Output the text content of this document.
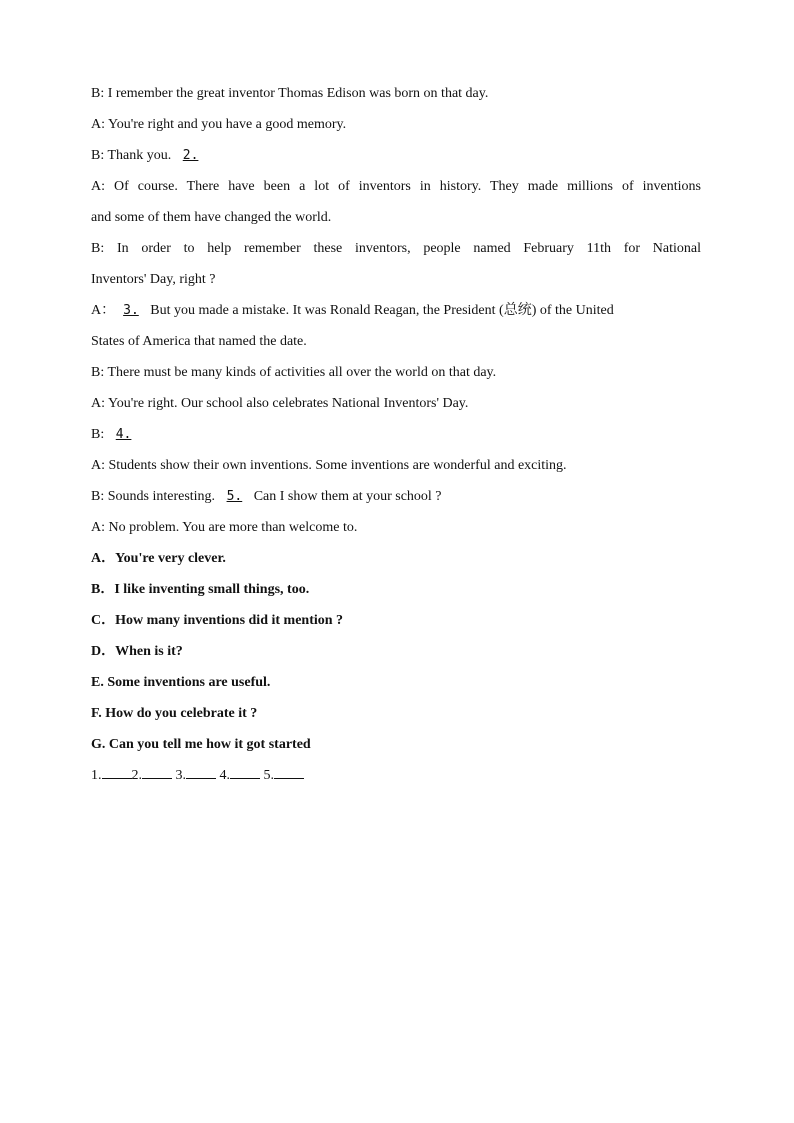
B: I remember the great inventor Thomas Edison was born on that day.
A: You're right and you have a good memory.
B: Thank you. 2.
A: Of course. There have been a lot of inventors in history. They made millions of inventions
and some of them have changed the world.
B: In order to help remember these inventors, people named February 11th for National
Inventors' Day, right ?
A： 3. But you made a mistake. It was Ronald Reagan, the President (总统) of the United
States of America that named the date.
B: There must be many kinds of activities all over the world on that day.
A: You're right. Our school also celebrates National Inventors' Day.
B: 4.
A: Students show their own inventions. Some inventions are wonderful and exciting.
B: Sounds interesting. 5. Can I show them at your school ?
A: No problem. You are more than welcome to.
A．You're very clever.
B．I like inventing small things, too.
C．How many inventions did it mention ?
D．When is it?
E. Some inventions are useful.
F. How do you celebrate it ?
G. Can you tell me how it got started
1. 2. 3. 4. 5.
